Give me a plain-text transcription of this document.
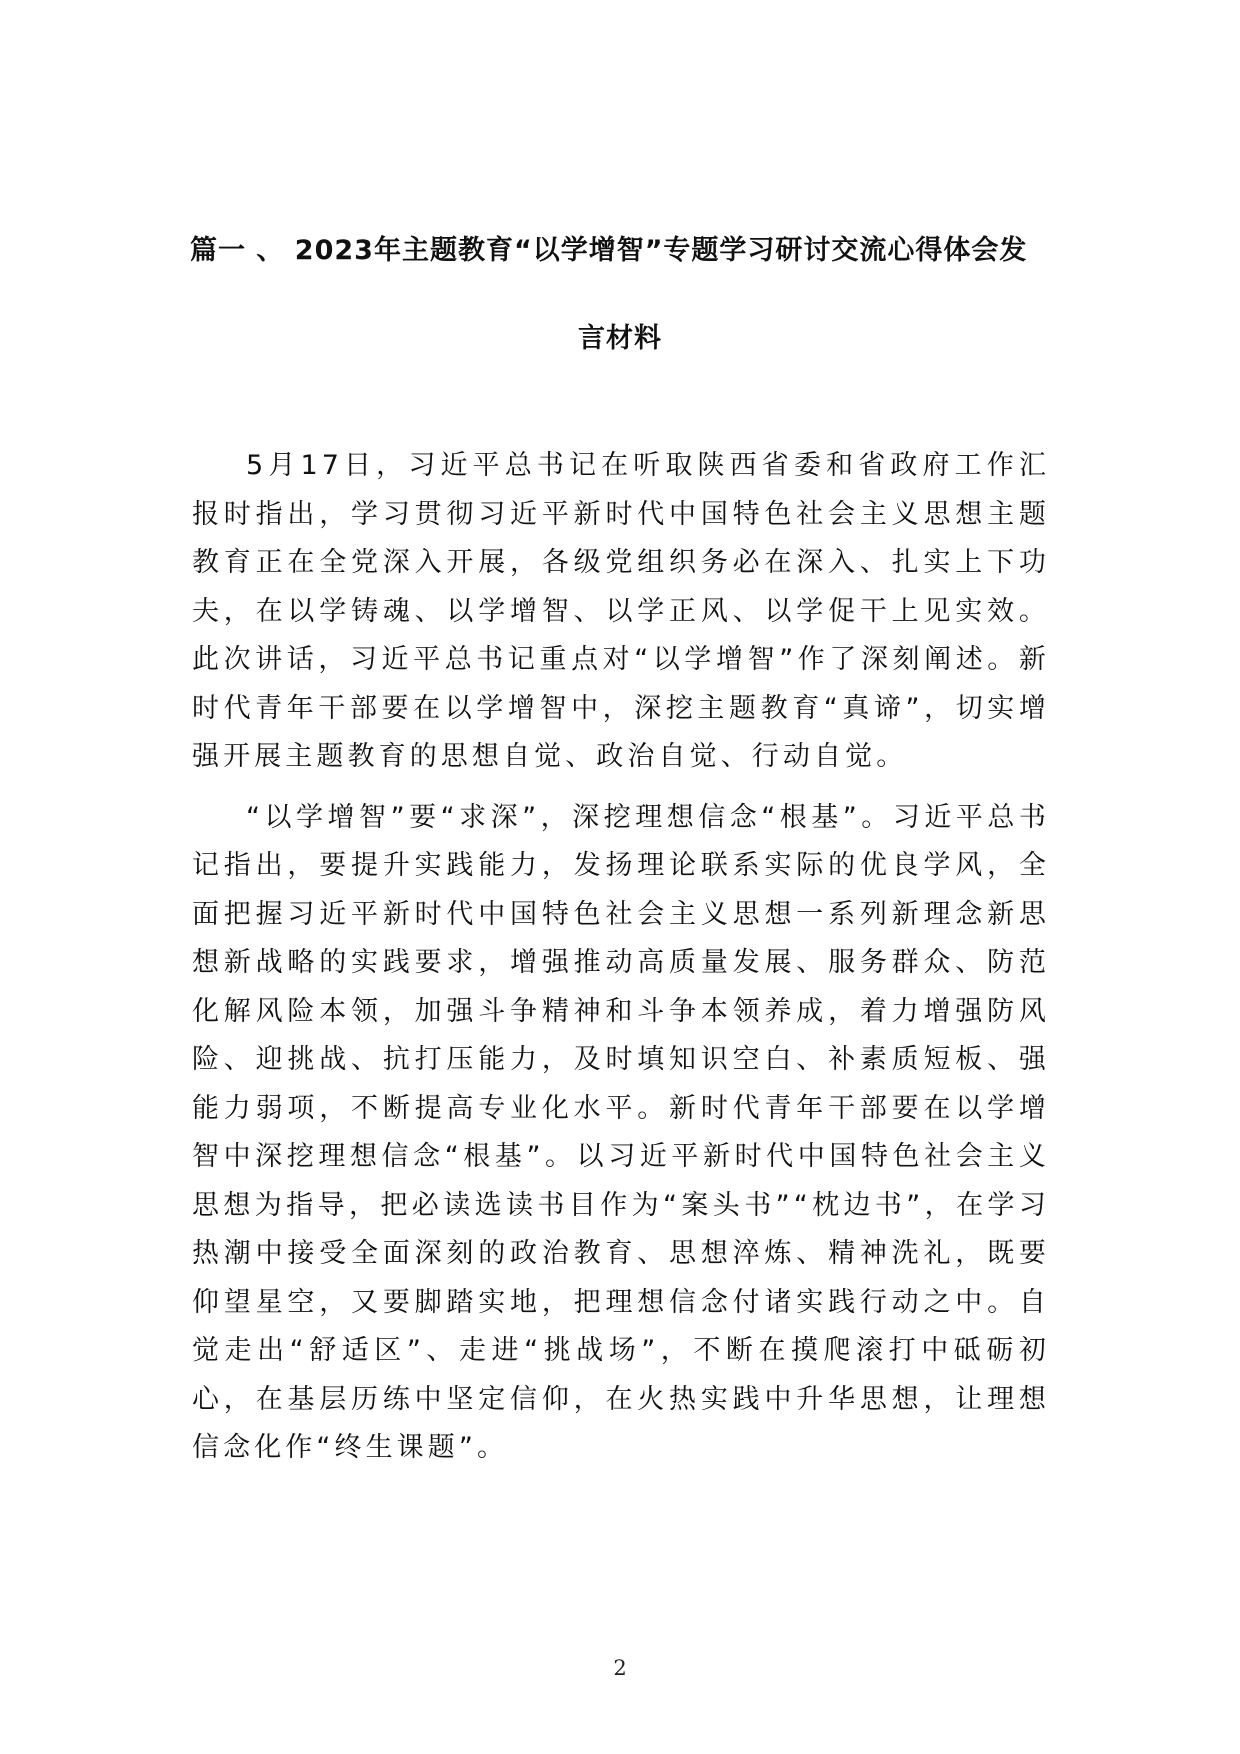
篇一 、 2023年主题教育“以学增智”专题学习研讨交流心得体会发
言材料

5月17日，习近平总书记在听取陕西省委和省政府工作汇报时指出，学习贯彻习近平新时代中国特色社会主义思想主题教育正在全党深入开展，各级党组织务必在深入、扎实上下功夫，在以学铸魂、以学增智、以学正风、以学促干上见实效。此次讲话，习近平总书记重点对“以学增智”作了深刻阐述。新时代青年干部要在以学增智中，深挖主题教育“真谛”，切实增强开展主题教育的思想自觉、政治自觉、行动自觉。

“以学增智”要“求深”，深挖理想信念“根基”。习近平总书记指出，要提升实践能力，发扬理论联系实际的优良学风，全面把握习近平新时代中国特色社会主义思想一系列新理念新思想新战略的实践要求，增强推动高质量发展、服务群众、防范化解风险本领，加强斗争精神和斗争本领养成，着力增强防风险、迎挑战、抗打压能力，及时填知识空白、补素质短板、强能力弱项，不断提高专业化水平。新时代青年干部要在以学增智中深挖理想信念“根基”。以习近平新时代中国特色社会主义思想为指导，把必读选读书目作为“案头书”“枕边书”，在学习热潮中接受全面深刻的政治教育、思想淬炼、精神洗礼，既要仰望星空，又要脚踏实地，把理想信念付诸实践行动之中。自觉走出“舒适区”、走进“挑战场”，不断在摸爬滚打中砥砺初心，在基层历练中坚定信仰，在火热实践中升华思想，让理想信念化作“终生课题”。

2
